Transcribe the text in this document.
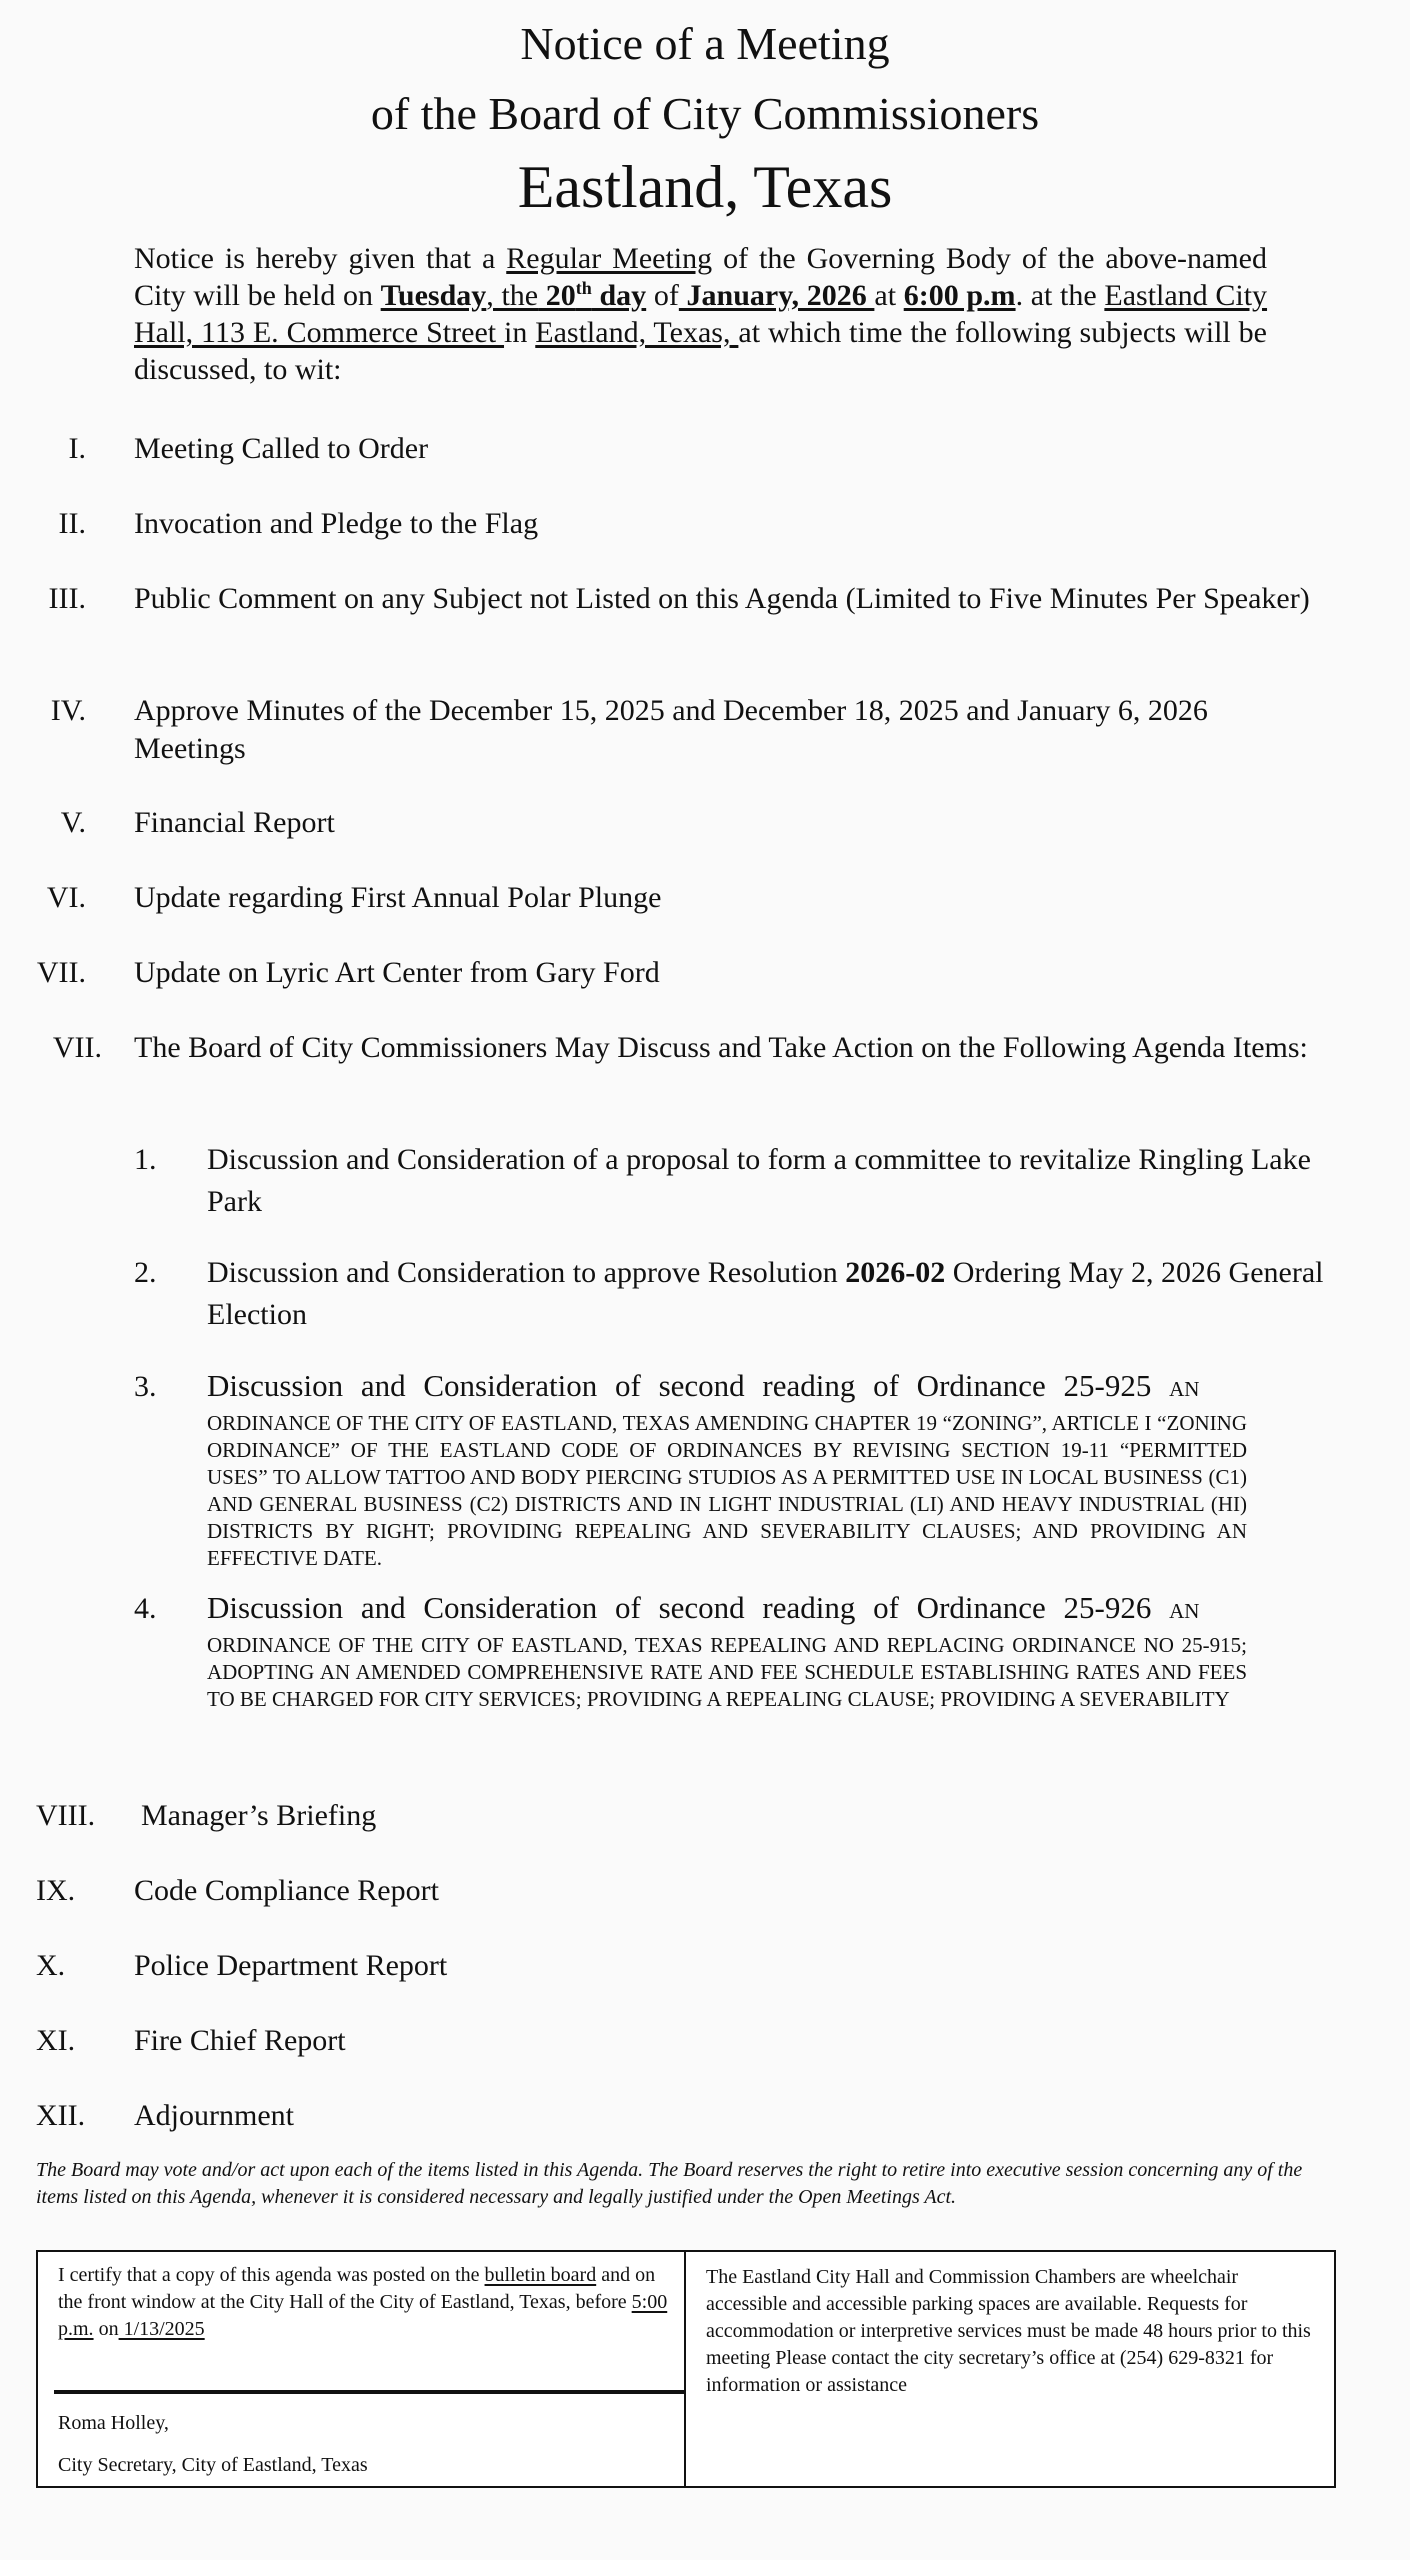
Notice of a Meeting

of the Board of City Commissioners

Eastland, Texas

Notice is hereby given that a Regular Meeting of the Governing Body of the above-named City will be held on Tuesday, the 20th day of January, 2026 at 6:00 p.m. at the Eastland City Hall, 113 E. Commerce Street in Eastland, Texas, at which time the following subjects will be discussed, to wit:
I. Meeting Called to Order
II. Invocation and Pledge to the Flag
III. Public Comment on any Subject not Listed on this Agenda (Limited to Five Minutes Per Speaker)
IV. Approve Minutes of the December 15, 2025 and December 18, 2025 and January 6, 2026 Meetings
V. Financial Report
VI. Update regarding First Annual Polar Plunge
VII. Update on Lyric Art Center from Gary Ford
VII. The Board of City Commissioners May Discuss and Take Action on the Following Agenda Items:
1. Discussion and Consideration of a proposal to form a committee to revitalize Ringling Lake Park
2. Discussion and Consideration to approve Resolution 2026-02 Ordering May 2, 2026 General Election
3. Discussion and Consideration of second reading of Ordinance 25-925 AN
ORDINANCE OF THE CITY OF EASTLAND, TEXAS AMENDING CHAPTER 19 “ZONING”, ARTICLE I “ZONING ORDINANCE” OF THE EASTLAND CODE OF ORDINANCES BY REVISING SECTION 19-11 “PERMITTED USES” TO ALLOW TATTOO AND BODY PIERCING STUDIOS AS A PERMITTED USE IN LOCAL BUSINESS (C1) AND GENERAL BUSINESS (C2) DISTRICTS AND IN LIGHT INDUSTRIAL (LI) AND HEAVY INDUSTRIAL (HI) DISTRICTS BY RIGHT; PROVIDING REPEALING AND SEVERABILITY CLAUSES; AND PROVIDING AN EFFECTIVE DATE.
4. Discussion and Consideration of second reading of Ordinance 25-926 AN
ORDINANCE OF THE CITY OF EASTLAND, TEXAS REPEALING AND REPLACING ORDINANCE NO 25-915; ADOPTING AN AMENDED COMPREHENSIVE RATE AND FEE SCHEDULE ESTABLISHING RATES AND FEES TO BE CHARGED FOR CITY SERVICES; PROVIDING A REPEALING CLAUSE; PROVIDING A SEVERABILITY
VIII. Manager’s Briefing
IX. Code Compliance Report
X. Police Department Report
XI. Fire Chief Report
XII. Adjournment
The Board may vote and/or act upon each of the items listed in this Agenda. The Board reserves the right to retire into executive session concerning any of the items listed on this Agenda, whenever it is considered necessary and legally justified under the Open Meetings Act.
I certify that a copy of this agenda was posted on the bulletin board and on the front window at the City Hall of the City of Eastland, Texas, before 5:00 p.m. on 1/13/2025
Roma Holley,
City Secretary, City of Eastland, Texas
The Eastland City Hall and Commission Chambers are wheelchair accessible and accessible parking spaces are available. Requests for accommodation or interpretive services must be made 48 hours prior to this meeting Please contact the city secretary’s office at (254) 629-8321 for information or assistance
